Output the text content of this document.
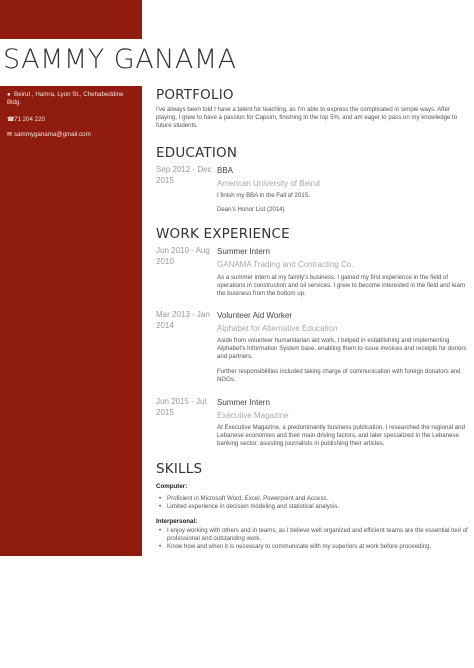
SAMMY GANAMA
● Beirut , Hamra, Lyon St., Chehabeddine Bldg.
☎71 204 220
✉ sammyganama@gmail.com
PORTFOLIO
I've always been told I have a talent for teaching, as I'm able to express the complicated in simple ways. After playing, I grew to have a passion for Capsim, finishing in the top 5%, and am eager to pass on my knowledge to future students.
EDUCATION
Sep 2012 - Dec 2015
BBA
American University of Beirut
I finish my BBA in the Fall of 2015.
Dean's Honor List (2014)
WORK EXPERIENCE
Jun 2010 - Aug 2010
Summer Intern
GANAMA Trading and Contracting Co.
As a summer intern at my family's business, I gained my first experience in the field of operations in construction and oil services. I grew to become interested in the field and learn the business from the bottom up.
Mar 2013 - Jan 2014
Volunteer Aid Worker
Alphabet for Alternative Education
Aside from volunteer humanitarian aid work, I helped in establishing and implementing Alphabet's Information System base, enabling them to issue invoices and receipts for donors and partners.
Further responsibilities included taking charge of communication with foreign donators and NGOs.
Jun 2015 - Jul 2015
Summer Intern
Executive Magazine
At Executive Magazine, a predominantly business publication, I researched the regional and Lebanese economies and their main driving factors, and later specialized in the Lebanese banking sector, assisting journalists in publishing their articles.
SKILLS
Computer:
• Proficient in Microsoft Word, Excel, Powerpoint and Access.
• Limited experience in decision modeling and statistical analysis.
Interpersonal:
• I enjoy working with others and in teams, as I believe well organized and efficient teams are the essential tool of professional and outstanding work.
• Know how and when it is necessary to communicate with my superiors at work before proceeding.
